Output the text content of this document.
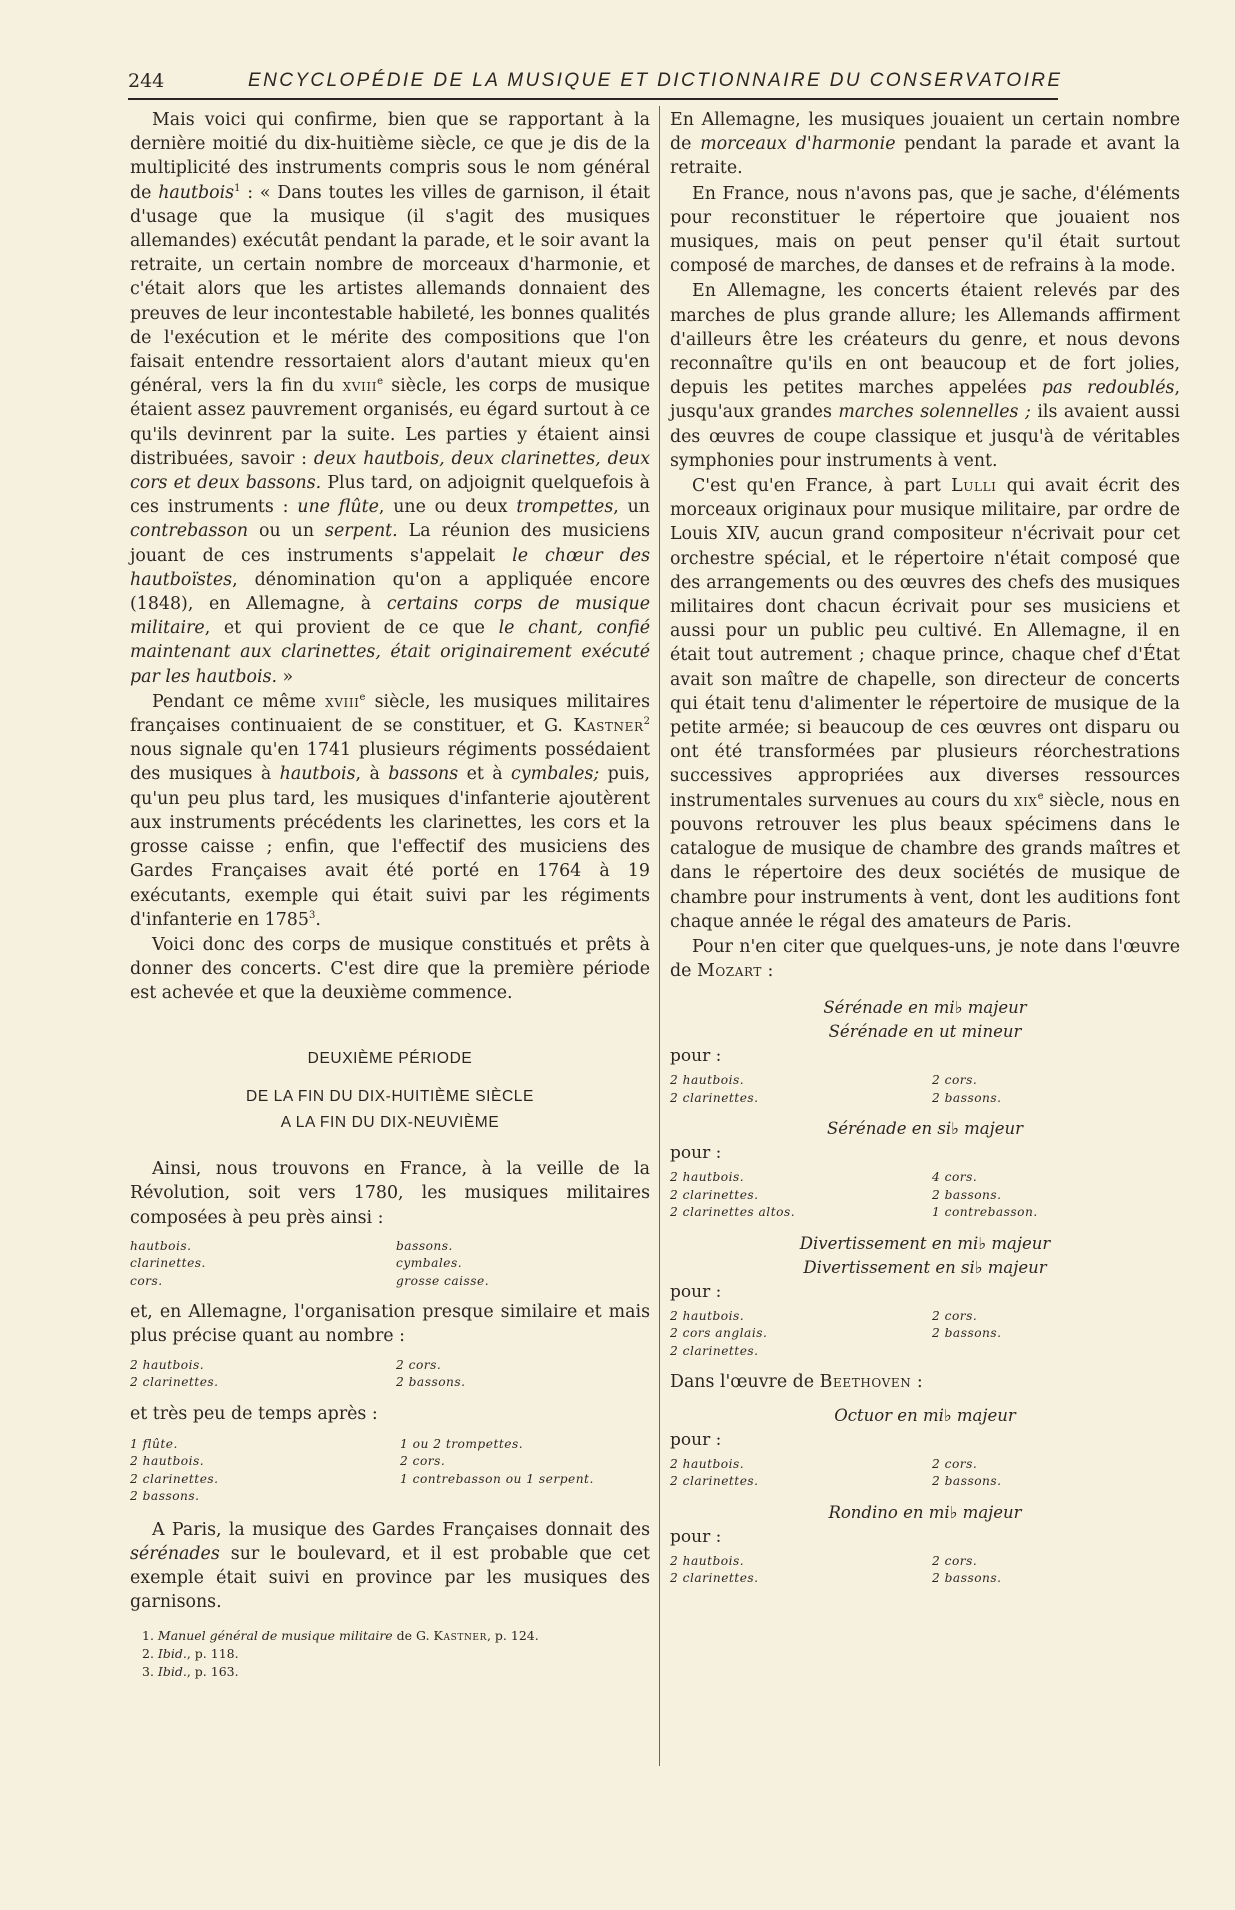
244	ENCYCLOPÉDIE DE LA MUSIQUE ET DICTIONNAIRE DU CONSERVATOIRE

Mais voici qui confirme, bien que se rapportant à la dernière moitié du dix-huitième siècle, ce que je dis de la multiplicité des instruments compris sous le nom général de hautbois$^1$ : « Dans toutes les villes de garnison, il était d'usage que la musique (il s'agit des musiques allemandes) exécutât pendant la parade, et le soir avant la retraite, un certain nombre de morceaux d'harmonie, et c'était alors que les artistes allemands donnaient des preuves de leur incontestable habileté, les bonnes qualités de l'exécution et le mérite des compositions que l'on faisait entendre ressortaient alors d'autant mieux qu'en général, vers la fin du xviii$^e$ siècle, les corps de musique étaient assez pauvrement organisés, eu égard surtout à ce qu'ils devinrent par la suite. Les parties y étaient ainsi distribuées, savoir : deux hautbois, deux clarinettes, deux cors et deux bassons. Plus tard, on adjoignit quelquefois à ces instruments : une flûte, une ou deux trompettes, un contrebasson ou un serpent. La réunion des musiciens jouant de ces instruments s'appelait le chœur des hautboïstes, dénomination qu'on a appliquée encore (1848), en Allemagne, à certains corps de musique militaire, et qui provient de ce que le chant, confié maintenant aux clarinettes, était originairement exécuté par les hautbois. »

Pendant ce même xviii$^e$ siècle, les musiques militaires françaises continuaient de se constituer, et G. Kastner$^2$ nous signale qu'en 1741 plusieurs régiments possédaient des musiques à hautbois, à bassons et à cymbales; puis, qu'un peu plus tard, les musiques d'infanterie ajoutèrent aux instruments précédents les clarinettes, les cors et la grosse caisse ; enfin, que l'effectif des musiciens des Gardes Françaises avait été porté en 1764 à 19 exécutants, exemple qui était suivi par les régiments d'infanterie en 1785$^3$.

Voici donc des corps de musique constitués et prêts à donner des concerts. C'est dire que la première période est achevée et que la deuxième commence.

DEUXIÈME PÉRIODE
DE LA FIN DU DIX-HUITIÈME SIÈCLE
A LA FIN DU DIX-NEUVIÈME

Ainsi, nous trouvons en France, à la veille de la Révolution, soit vers 1780, les musiques militaires composées à peu près ainsi :

hautbois.	bassons.
clarinettes.	cymbales.
cors.	grosse caisse.

et, en Allemagne, l'organisation presque similaire et mais plus précise quant au nombre :

2 hautbois.	2 cors.
2 clarinettes.	2 bassons.

et très peu de temps après :

1 flûte.	1 ou 2 trompettes.
2 hautbois.	2 cors.
2 clarinettes.	1 contrebasson ou 1 serpent.
2 bassons.

A Paris, la musique des Gardes Françaises donnait des sérénades sur le boulevard, et il est probable que cet exemple était suivi en province par les musiques des garnisons.

1. Manuel général de musique militaire de G. Kastner, p. 124.
2. Ibid., p. 118.
3. Ibid., p. 163.

En Allemagne, les musiques jouaient un certain nombre de morceaux d'harmonie pendant la parade et avant la retraite.

En France, nous n'avons pas, que je sache, d'éléments pour reconstituer le répertoire que jouaient nos musiques, mais on peut penser qu'il était surtout composé de marches, de danses et de refrains à la mode.

En Allemagne, les concerts étaient relevés par des marches de plus grande allure; les Allemands affirment d'ailleurs être les créateurs du genre, et nous devons reconnaître qu'ils en ont beaucoup et de fort jolies, depuis les petites marches appelées pas redoublés, jusqu'aux grandes marches solennelles ; ils avaient aussi des œuvres de coupe classique et jusqu'à de véritables symphonies pour instruments à vent.

C'est qu'en France, à part Lulli qui avait écrit des morceaux originaux pour musique militaire, par ordre de Louis XIV, aucun grand compositeur n'écrivait pour cet orchestre spécial, et le répertoire n'était composé que des arrangements ou des œuvres des chefs des musiques militaires dont chacun écrivait pour ses musiciens et aussi pour un public peu cultivé. En Allemagne, il en était tout autrement ; chaque prince, chaque chef d'État avait son maître de chapelle, son directeur de concerts qui était tenu d'alimenter le répertoire de musique de la petite armée; si beaucoup de ces œuvres ont disparu ou ont été transformées par plusieurs réorchestrations successives appropriées aux diverses ressources instrumentales survenues au cours du xix$^e$ siècle, nous en pouvons retrouver les plus beaux spécimens dans le catalogue de musique de chambre des grands maîtres et dans le répertoire des deux sociétés de musique de chambre pour instruments à vent, dont les auditions font chaque année le régal des amateurs de Paris.

Pour n'en citer que quelques-uns, je note dans l'œuvre de Mozart :

Sérénade en mi♭ majeur
Sérénade en ut mineur
pour :
2 hautbois.	2 cors.
2 clarinettes.	2 bassons.
Sérénade en si♭ majeur
pour :
2 hautbois.	4 cors.
2 clarinettes.	2 bassons.
2 clarinettes altos.	1 contrebasson.
Divertissement en mi♭ majeur
Divertissement en si♭ majeur
pour :
2 hautbois.	2 cors.
2 cors anglais.	2 bassons.
2 clarinettes.

Dans l'œuvre de Beethoven :

Octuor en mi♭ majeur
pour :
2 hautbois.	2 cors.
2 clarinettes.	2 bassons.
Rondino en mi♭ majeur
pour :
2 hautbois.	2 cors.
2 clarinettes.	2 bassons.
